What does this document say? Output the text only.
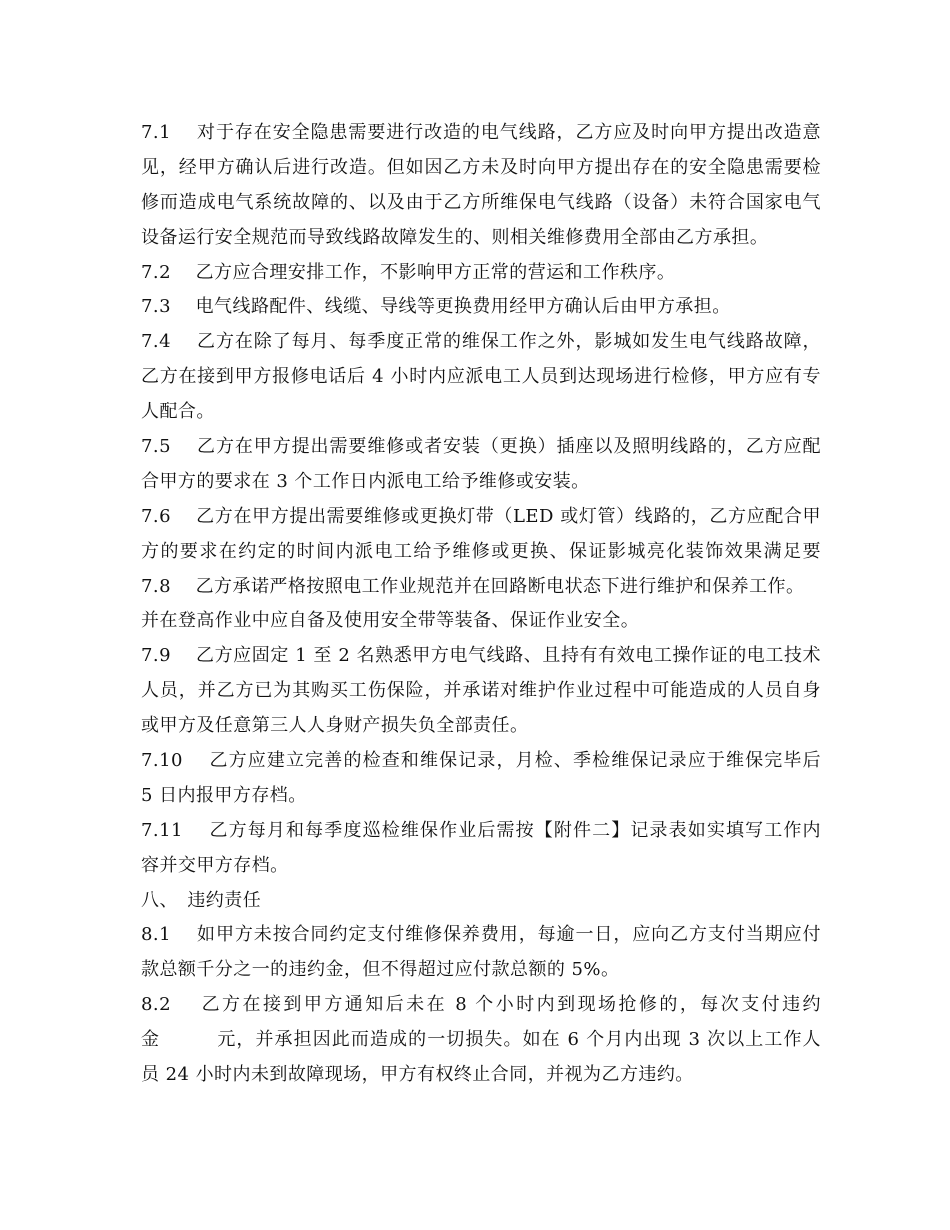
7.1　 对于存在安全隐患需要进行改造的电气线路，乙方应及时向甲方提出改造意
见，经甲方确认后进行改造。但如因乙方未及时向甲方提出存在的安全隐患需要检
修而造成电气系统故障的、以及由于乙方所维保电气线路（设备）未符合国家电气
设备运行安全规范而导致线路故障发生的、则相关维修费用全部由乙方承担。
7.2　 乙方应合理安排工作，不影响甲方正常的营运和工作秩序。
7.3　 电气线路配件、线缆、导线等更换费用经甲方确认后由甲方承担。
7.4　 乙方在除了每月、每季度正常的维保工作之外，影城如发生电气线路故障，
乙方在接到甲方报修电话后 4 小时内应派电工人员到达现场进行检修，甲方应有专
人配合。
7.5　 乙方在甲方提出需要维修或者安装（更换）插座以及照明线路的，乙方应配
合甲方的要求在 3 个工作日内派电工给予维修或安装。
7.6　 乙方在甲方提出需要维修或更换灯带（LED 或灯管）线路的，乙方应配合甲
方的要求在约定的时间内派电工给予维修或更换、保证影城亮化装饰效果满足要
7.8　 乙方承诺严格按照电工作业规范并在回路断电状态下进行维护和保养工作。
并在登高作业中应自备及使用安全带等装备、保证作业安全。
7.9　 乙方应固定 1 至 2 名熟悉甲方电气线路、且持有有效电工操作证的电工技术
人员，并乙方已为其购买工伤保险，并承诺对维护作业过程中可能造成的人员自身
或甲方及任意第三人人身财产损失负全部责任。
7.10　 乙方应建立完善的检查和维保记录，月检、季检维保记录应于维保完毕后
5 日内报甲方存档。
7.11　 乙方每月和每季度巡检维保作业后需按【附件二】记录表如实填写工作内
容并交甲方存档。
八、　违约责任
8.1　 如甲方未按合同约定支付维修保养费用，每逾一日，应向乙方支付当期应付
款总额千分之一的违约金，但不得超过应付款总额的 5%。
8.2　 乙方在接到甲方通知后未在 8 个小时内到现场抢修的，每次支付违约
金　　　元，并承担因此而造成的一切损失。如在 6 个月内出现 3 次以上工作人
员 24 小时内未到故障现场，甲方有权终止合同，并视为乙方违约。
